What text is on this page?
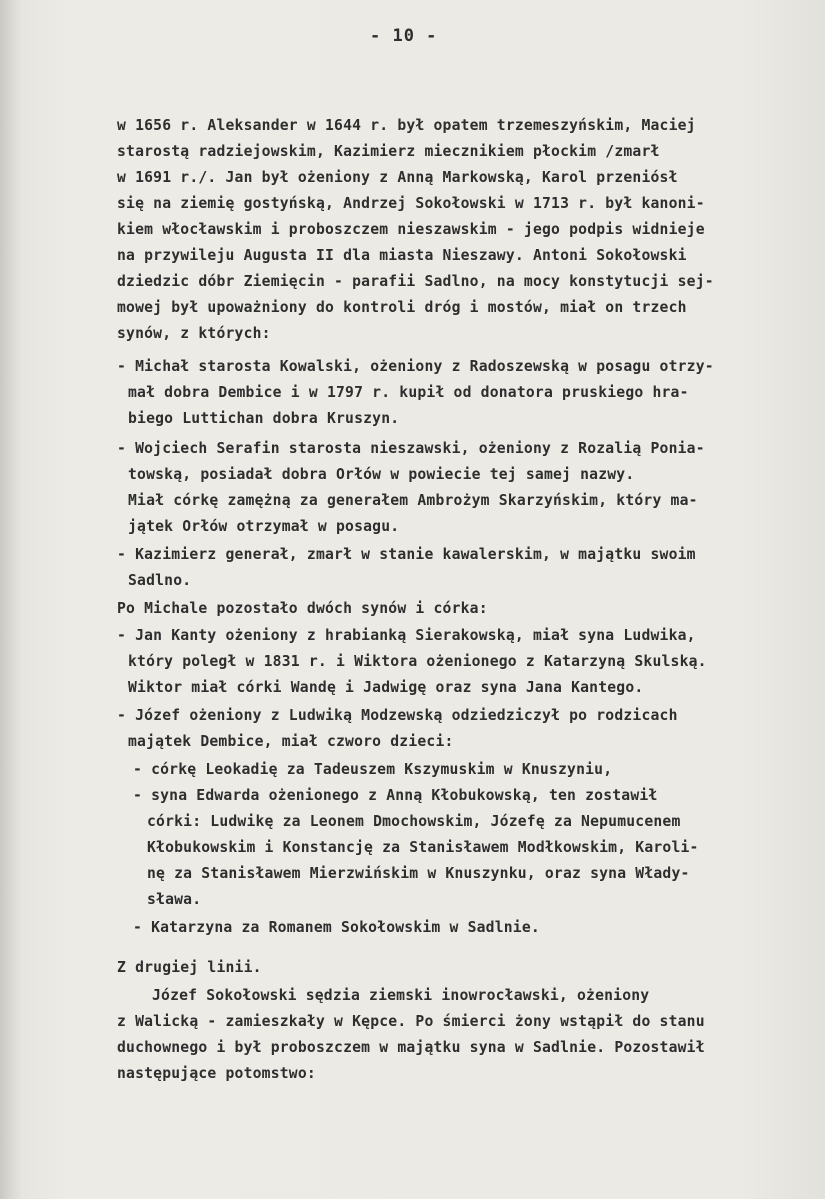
- 10 -
w 1656 r. Aleksander w 1644 r. był opatem trzemeszyńskim, Maciej
starostą radziejowskim, Kazimierz miecznikiem płockim /zmarł
w 1691 r./. Jan był ożeniony z Anną Markowską, Karol przeniósł
się na ziemię gostyńską, Andrzej Sokołowski w 1713 r. był kanoni-
kiem włocławskim i proboszczem nieszawskim - jego podpis widnieje
na przywileju Augusta II dla miasta Nieszawy. Antoni Sokołowski
dziedzic dóbr Ziemięcin - parafii Sadlno, na mocy konstytucji sej-
mowej był upoważniony do kontroli dróg i mostów, miał on trzech
synów, z których:
- Michał starosta Kowalski, ożeniony z Radoszewską w posagu otrzy-
mał dobra Dembice i w 1797 r. kupił od donatora pruskiego hra-
biego Luttichan dobra Kruszyn.
- Wojciech Serafin starosta nieszawski, ożeniony z Rozalią Ponia-
towską, posiadał dobra Orłów w powiecie tej samej nazwy.
Miał córkę zamężną za generałem Ambrożym Skarzyńskim, który ma-
jątek Orłów otrzymał w posagu.
- Kazimierz generał, zmarł w stanie kawalerskim, w majątku swoim
Sadlno.
Po Michale pozostało dwóch synów i córka:
- Jan Kanty ożeniony z hrabianką Sierakowską, miał syna Ludwika,
który poległ w 1831 r. i Wiktora ożenionego z Katarzyną Skulską.
Wiktor miał córki Wandę i Jadwigę oraz syna Jana Kantego.
- Józef ożeniony z Ludwiką Modzewską odziedziczył po rodzicach
majątek Dembice, miał czworo dzieci:
- córkę Leokadię za Tadeuszem Kszymuskim w Knuszyniu,
- syna Edwarda ożenionego z Anną Kłobukowską, ten zostawił
córki: Ludwikę za Leonem Dmochowskim, Józefę za Nepumucenem
Kłobukowskim i Konstancję za Stanisławem Modłkowskim, Karoli-
nę za Stanisławem Mierzwińskim w Knuszynku, oraz syna Włady-
sława.
- Katarzyna za Romanem Sokołowskim w Sadlnie.
Z drugiej linii.
Józef Sokołowski sędzia ziemski inowrocławski, ożeniony
z Walicką - zamieszkały w Kępce. Po śmierci żony wstąpił do stanu
duchownego i był proboszczem w majątku syna w Sadlnie. Pozostawił
następujące potomstwo:
